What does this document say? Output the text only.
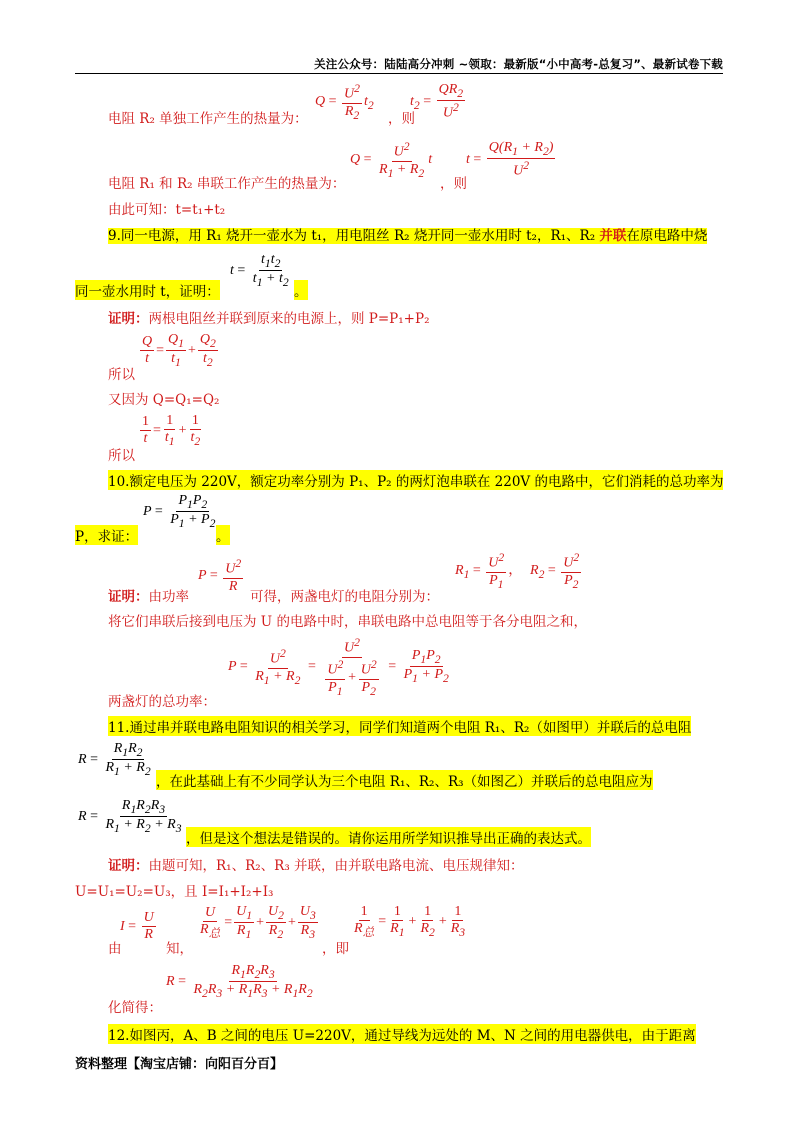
关注公众号：陆陆高分冲刺 ~领取：最新版“小中高考-总复习”、最新试卷下载
电阻 R₂ 单独工作产生的热量为：
$Q = \frac{U^2}{R_2} t_2$
，则
$t_2 = \frac{QR_2}{U^2}$
电阻 R₁ 和 R₂ 串联工作产生的热量为：
$Q = \frac{U^2}{R_1 + R_2}$ t
，则
$t = \frac{Q(R_1 + R_2)}{U^2}$
由此可知：t=t₁+t₂
9.同一电源，用 R₁ 烧开一壶水为 t₁，用电阻丝 R₂ 烧开同一壶水用时 t₂，R₁、R₂ 并联在原电路中烧
同一壶水用时 t，证明：
$t = \frac{t_1t_2}{t_1 + t_2}$
。
证明：两根电阻丝并联到原来的电源上，则 P=P₁+P₂
$\frac{Q}{t} = \frac{Q_1}{t_1} + \frac{Q_2}{t_2}$
所以
又因为 Q=Q₁=Q₂
$\frac{1}{t} = \frac{1}{t_1} + \frac{1}{t_2}$
所以
10.额定电压为 220V，额定功率分别为 P₁、P₂ 的两灯泡串联在 220V 的电路中，它们消耗的总功率为
P，求证：
$P = \frac{P_1P_2}{P_1 + P_2}$
。
证明：由功率
$P = \frac{U^2}{R}$
可得，两盏电灯的电阻分别为：
$R_1 = \frac{U^2}{P_1}$ ， $R_2 = \frac{U^2}{P_2}$
将它们串联后接到电压为 U 的电路中时，串联电路中总电阻等于各分电阻之和，
$P = \frac{U^2}{R_1 + R_2} = \frac{U^2}{\frac{U^2}{P_1} + \frac{U^2}{P_2}} = \frac{P_1P_2}{P_1 + P_2}$
两盏灯的总功率：
11.通过串并联电路电阻知识的相关学习，同学们知道两个电阻 R₁、R₂（如图甲）并联后的总电阻
$R = \frac{R_1R_2}{R_1 + R_2}$
，在此基础上有不少同学认为三个电阻 R₁、R₂、R₃（如图乙）并联后的总电阻应为
$R = \frac{R_1R_2R_3}{R_1 + R_2 + R_3}$
，但是这个想法是错误的。请你运用所学知识推导出正确的表达式。
证明：由题可知，R₁、R₂、R₃ 并联，由并联电路电流、电压规律知：
U=U₁=U₂=U₃，且 I=I₁+I₂+I₃
由
$I = \frac{U}{R}$
知，
$\frac{U}{R_总} = \frac{U_1}{R_1} + \frac{U_2}{R_2} + \frac{U_3}{R_3}$
，即
$\frac{1}{R_总} = \frac{1}{R_1} + \frac{1}{R_2} + \frac{1}{R_3}$
化简得：
$R = \frac{R_1R_2R_3}{R_2R_3 + R_1R_3 + R_1R_2}$
12.如图丙，A、B 之间的电压 U=220V，通过导线为远处的 M、N 之间的用电器供电，由于距离
资料整理【淘宝店铺：向阳百分百】
